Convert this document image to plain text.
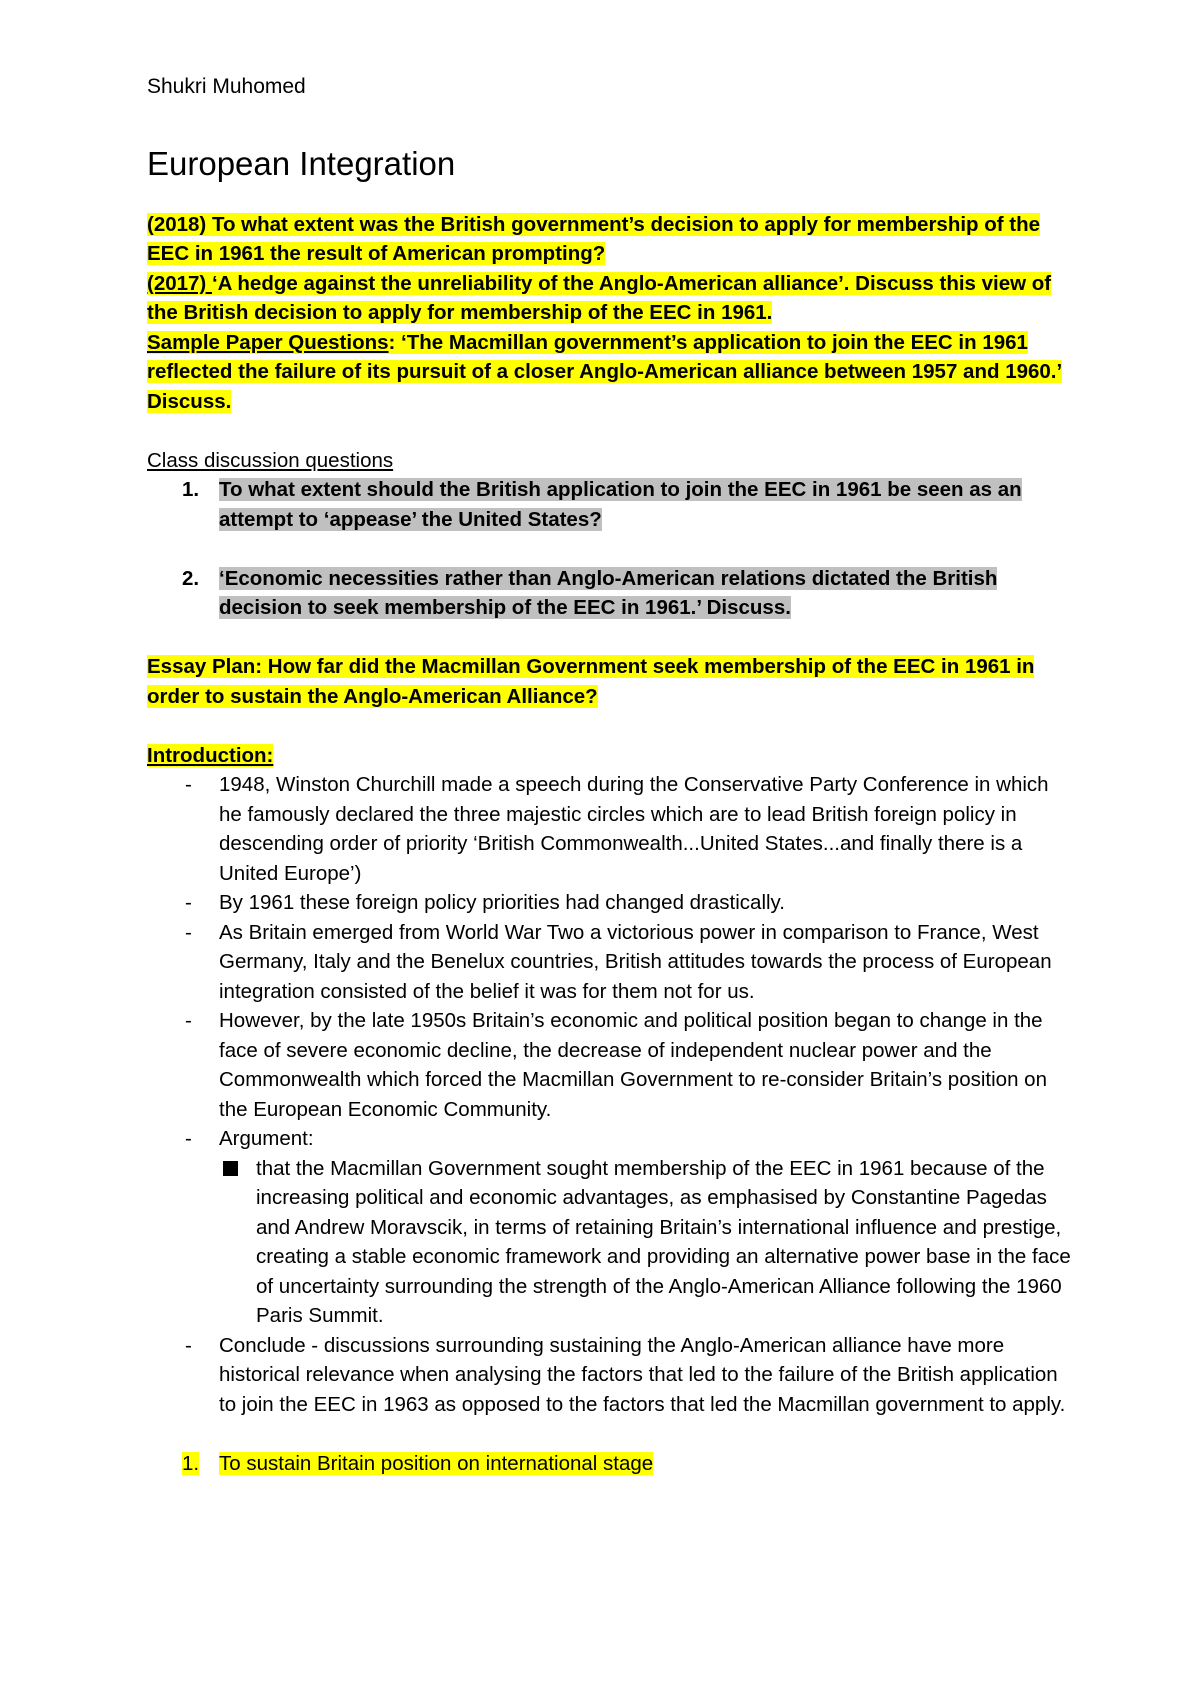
Shukri Muhomed
European Integration

(2018) To what extent was the British government’s decision to apply for membership of the EEC in 1961 the result of American prompting?
(2017) ‘A hedge against the unreliability of the Anglo-American alliance’. Discuss this view of the British decision to apply for membership of the EEC in 1961.
Sample Paper Questions: ‘The Macmillan government’s application to join the EEC in 1961 reflected the failure of its pursuit of a closer Anglo-American alliance between 1957 and 1960.’ Discuss.

Class discussion questions

1. To what extent should the British application to join the EEC in 1961 be seen as an attempt to ‘appease’ the United States?
2. ‘Economic necessities rather than Anglo-American relations dictated the British decision to seek membership of the EEC in 1961.’ Discuss.

Essay Plan: How far did the Macmillan Government seek membership of the EEC in 1961 in order to sustain the Anglo-American Alliance?

Introduction:

-	1948, Winston Churchill made a speech during the Conservative Party Conference in which he famously declared the three majestic circles which are to lead British foreign policy in descending order of priority ‘British Commonwealth...United States...and finally there is a United Europe’)
-	By 1961 these foreign policy priorities had changed drastically.
-	As Britain emerged from World War Two a victorious power in comparison to France, West Germany, Italy and the Benelux countries, British attitudes towards the process of European integration consisted of the belief it was for them not for us.
-	However, by the late 1950s Britain’s economic and political position began to change in the face of severe economic decline, the decrease of independent nuclear power and the Commonwealth which forced the Macmillan Government to re-consider Britain’s position on the European Economic Community.
-	Argument:
that the Macmillan Government sought membership of the EEC in 1961 because of the increasing political and economic advantages, as emphasised by Constantine Pagedas and Andrew Moravscik, in terms of retaining Britain’s international influence and prestige, creating a stable economic framework and providing an alternative power base in the face of uncertainty surrounding the strength of the Anglo-American Alliance following the 1960 Paris Summit.
-	Conclude - discussions surrounding sustaining the Anglo-American alliance have more historical relevance when analysing the factors that led to the failure of the British application to join the EEC in 1963 as opposed to the factors that led the Macmillan government to apply.
1. To sustain Britain position on international stage
